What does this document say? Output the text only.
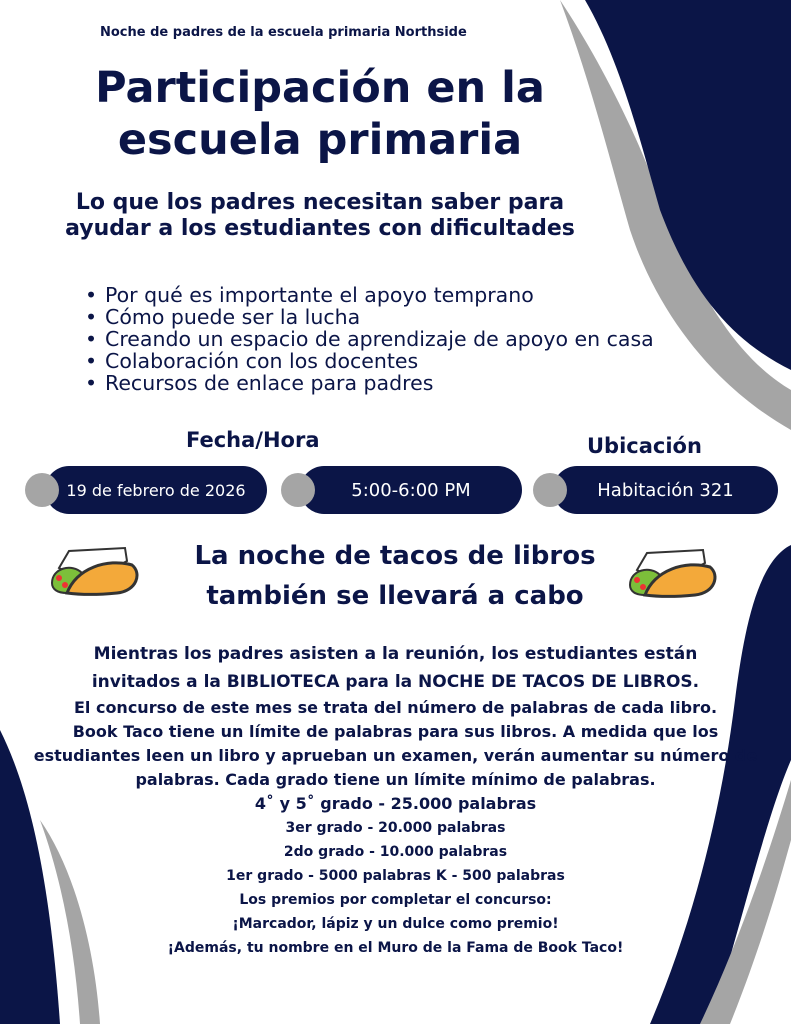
Noche de padres de la escuela primaria Northside
Participación en la escuela primaria
Lo que los padres necesitan saber para ayudar a los estudiantes con dificultades
• Por qué es importante el apoyo temprano
• Cómo puede ser la lucha
• Creando un espacio de aprendizaje de apoyo en casa
• Colaboración con los docentes
• Recursos de enlace para padres
Fecha/Hora	Ubicación
19 de febrero de 2026	5:00-6:00 PM	Habitación 321
La noche de tacos de libros
también se llevará a cabo
Mientras los padres asisten a la reunión, los estudiantes están
invitados a la BIBLIOTECA para la NOCHE DE TACOS DE LIBROS.
El concurso de este mes se trata del número de palabras de cada libro.
Book Taco tiene un límite de palabras para sus libros. A medida que los
estudiantes leen un libro y aprueban un examen, verán aumentar su número de
palabras. Cada grado tiene un límite mínimo de palabras.
4˚ y 5˚ grado - 25.000 palabras
3er grado - 20.000 palabras
2do grado - 10.000 palabras
1er grado - 5000 palabras K - 500 palabras
Los premios por completar el concurso:
¡Marcador, lápiz y un dulce como premio!
¡Además, tu nombre en el Muro de la Fama de Book Taco!
